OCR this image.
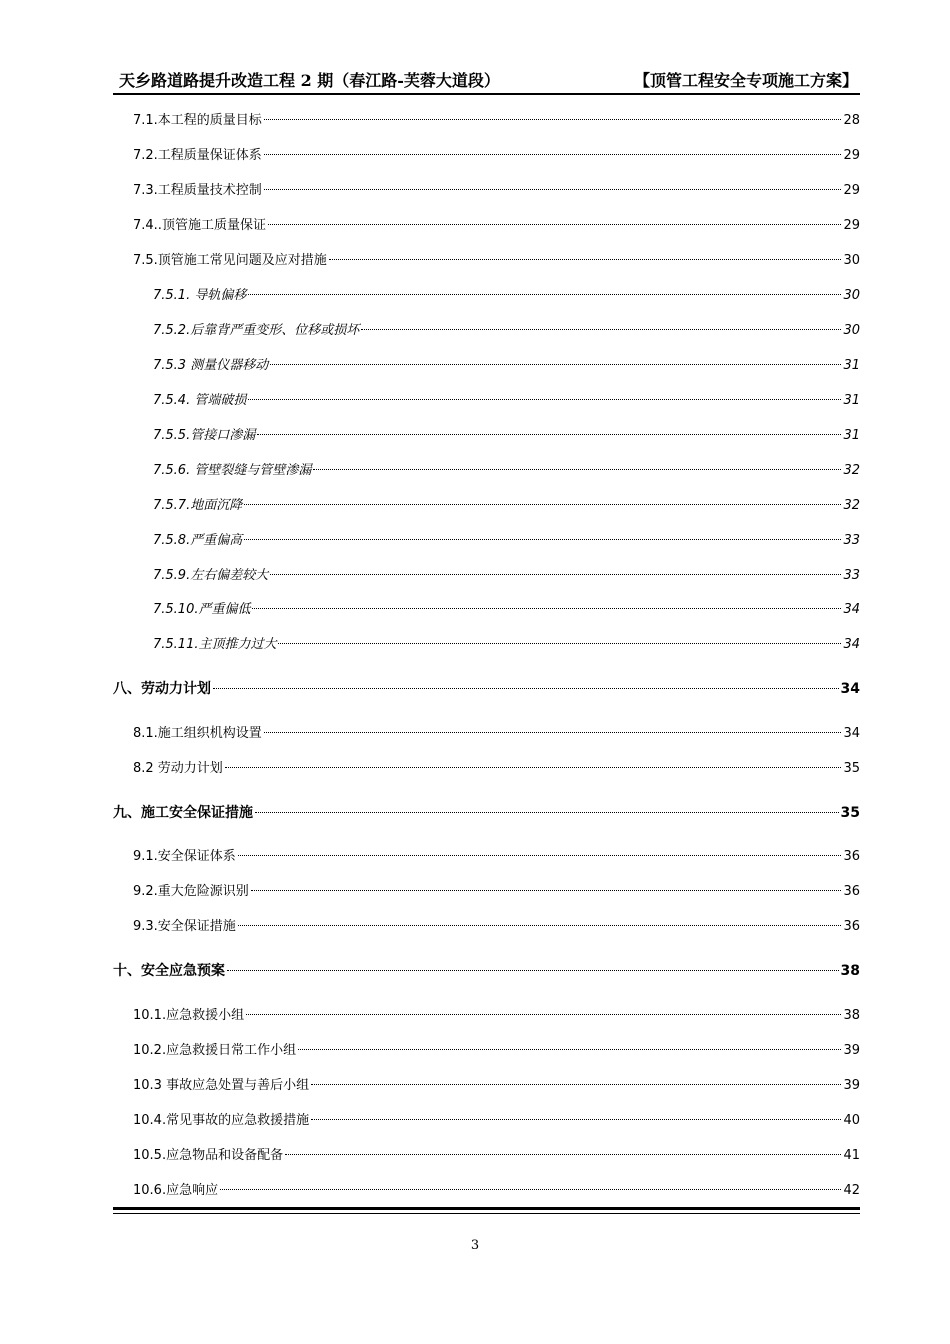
天乡路道路提升改造工程 2 期（春江路-芙蓉大道段）	【顶管工程安全专项施工方案】
7.1.本工程的质量目标	28
7.2.工程质量保证体系	29
7.3.工程质量技术控制	29
7.4..顶管施工质量保证	29
7.5.顶管施工常见问题及应对措施	30
7.5.1. 导轨偏移	30
7.5.2.后靠背严重变形、位移或损坏	30
7.5.3 测量仪器移动	31
7.5.4. 管端破损	31
7.5.5.管接口渗漏	31
7.5.6. 管壁裂缝与管壁渗漏	32
7.5.7.地面沉降	32
7.5.8.严重偏高	33
7.5.9.左右偏差较大	33
7.5.10.严重偏低	34
7.5.11.主顶推力过大	34
八、劳动力计划	34
8.1.施工组织机构设置	34
8.2 劳动力计划	35
九、施工安全保证措施	35
9.1.安全保证体系	36
9.2.重大危险源识别	36
9.3.安全保证措施	36
十、安全应急预案	38
10.1.应急救援小组	38
10.2.应急救援日常工作小组	39
10.3 事故应急处置与善后小组	39
10.4.常见事故的应急救援措施	40
10.5.应急物品和设备配备	41
10.6.应急响应	42
3
